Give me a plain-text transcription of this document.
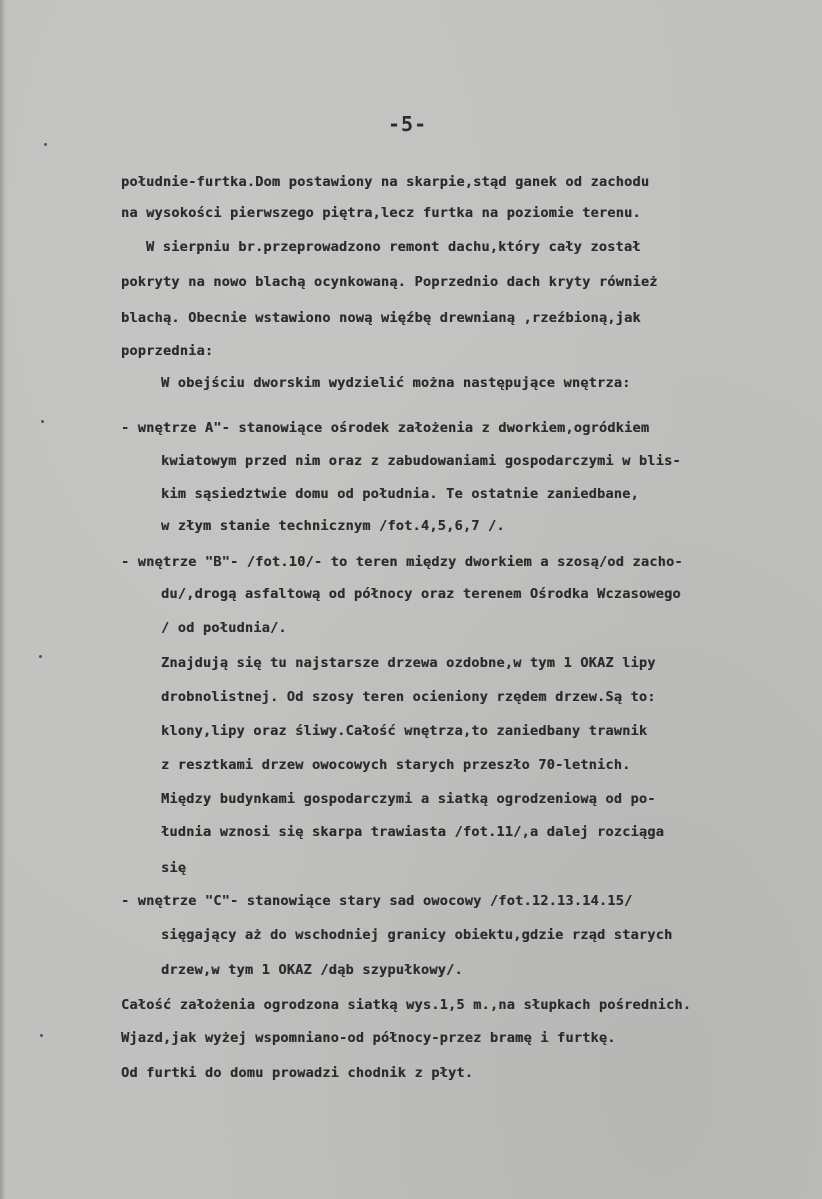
-5-
południe-furtka.Dom postawiony na skarpie,stąd ganek od zachodu
na wysokości pierwszego piętra,lecz furtka na poziomie terenu.
W sierpniu br.przeprowadzono remont dachu,który cały został
pokryty na nowo blachą ocynkowaną. Poprzednio dach kryty również
blachą. Obecnie wstawiono nową więźbę drewnianą ,rzeźbioną,jak
poprzednia:
W obejściu dworskim wydzielić można następujące wnętrza:
- wnętrze A"- stanowiące ośrodek założenia z dworkiem,ogródkiem
kwiatowym przed nim oraz z zabudowaniami gospodarczymi w blis-
kim sąsiedztwie domu od południa. Te ostatnie zaniedbane,
w złym stanie technicznym /fot.4,5,6,7 /.
- wnętrze "B"- /fot.10/- to teren między dworkiem a szosą/od zacho-
du/,drogą asfaltową od północy oraz terenem Ośrodka Wczasowego
/ od południa/.
Znajdują się tu najstarsze drzewa ozdobne,w tym 1 OKAZ lipy
drobnolistnej. Od szosy teren ocieniony rzędem drzew.Są to:
klony,lipy oraz śliwy.Całość wnętrza,to zaniedbany trawnik
z resztkami drzew owocowych starych przeszło 70-letnich.
Między budynkami gospodarczymi a siatką ogrodzeniową od po-
łudnia wznosi się skarpa trawiasta /fot.11/,a dalej rozciąga
się
- wnętrze "C"- stanowiące stary sad owocowy /fot.12.13.14.15/
sięgający aż do wschodniej granicy obiektu,gdzie rząd starych
drzew,w tym 1 OKAZ /dąb szypułkowy/.
Całość założenia ogrodzona siatką wys.1,5 m.,na słupkach pośrednich.
Wjazd,jak wyżej wspomniano-od północy-przez bramę i furtkę.
Od furtki do domu prowadzi chodnik z płyt.
